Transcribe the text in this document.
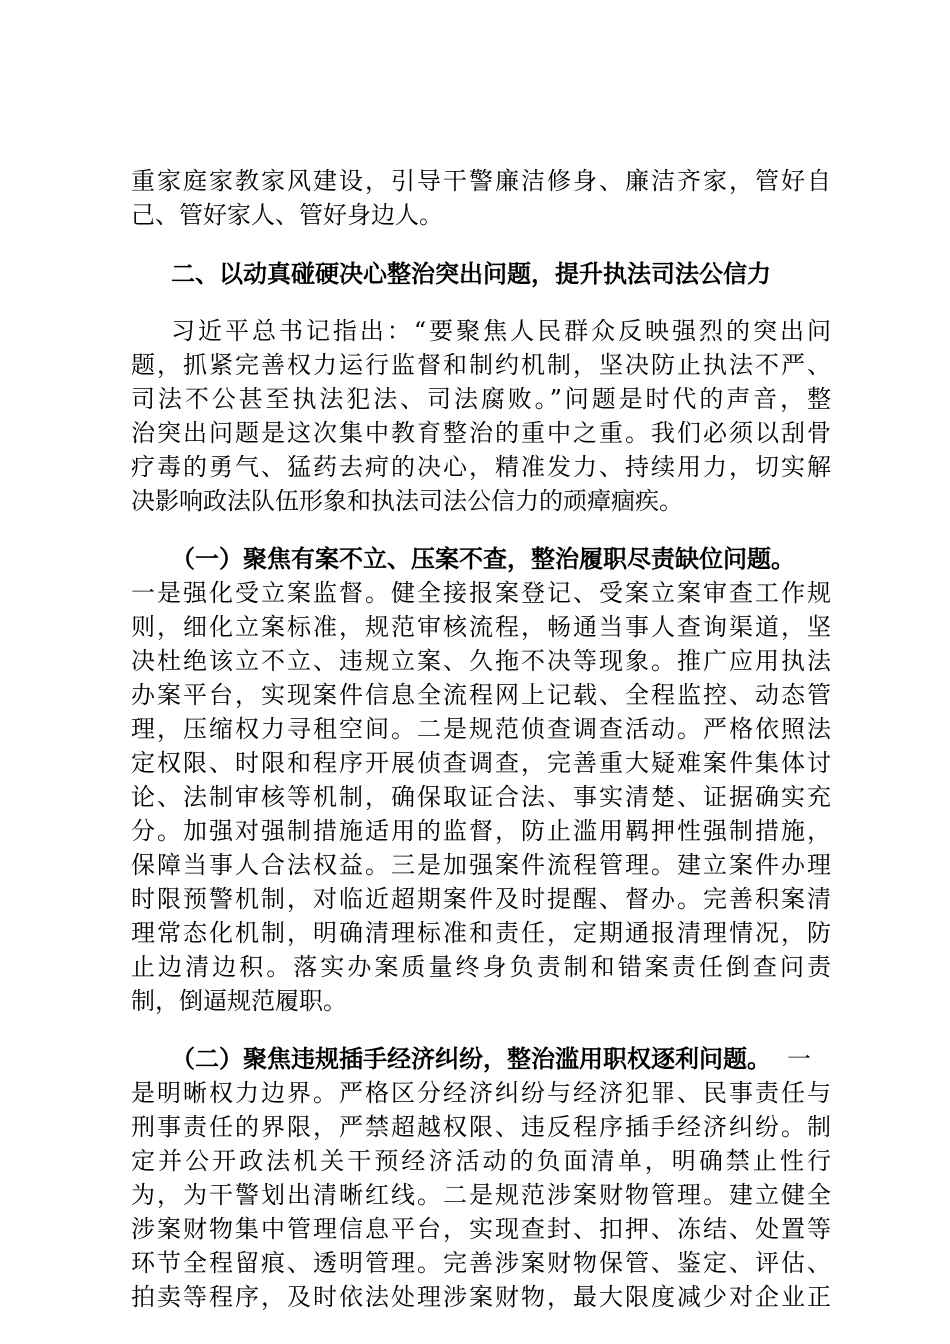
重家庭家教家风建设，引导干警廉洁修身、廉洁齐家，管好自
己、管好家人、管好身边人。
二、以动真碰硬决心整治突出问题，提升执法司法公信力
习近平总书记指出：“要聚焦人民群众反映强烈的突出问
题，抓紧完善权力运行监督和制约机制，坚决防止执法不严、
司法不公甚至执法犯法、司法腐败。”问题是时代的声音，整
治突出问题是这次集中教育整治的重中之重。我们必须以刮骨
疗毒的勇气、猛药去疴的决心，精准发力、持续用力，切实解
决影响政法队伍形象和执法司法公信力的顽瘴痼疾。
（一）聚焦有案不立、压案不查，整治履职尽责缺位问题。
一是强化受立案监督。健全接报案登记、受案立案审查工作规
则，细化立案标准，规范审核流程，畅通当事人查询渠道，坚
决杜绝该立不立、违规立案、久拖不决等现象。推广应用执法
办案平台，实现案件信息全流程网上记载、全程监控、动态管
理，压缩权力寻租空间。二是规范侦查调查活动。严格依照法
定权限、时限和程序开展侦查调查，完善重大疑难案件集体讨
论、法制审核等机制，确保取证合法、事实清楚、证据确实充
分。加强对强制措施适用的监督，防止滥用羁押性强制措施，
保障当事人合法权益。三是加强案件流程管理。建立案件办理
时限预警机制，对临近超期案件及时提醒、督办。完善积案清
理常态化机制，明确清理标准和责任，定期通报清理情况，防
止边清边积。落实办案质量终身负责制和错案责任倒查问责
制，倒逼规范履职。
（二）聚焦违规插手经济纠纷，整治滥用职权逐利问题。 一
是明晰权力边界。严格区分经济纠纷与经济犯罪、民事责任与
刑事责任的界限，严禁超越权限、违反程序插手经济纠纷。制
定并公开政法机关干预经济活动的负面清单，明确禁止性行
为，为干警划出清晰红线。二是规范涉案财物管理。建立健全
涉案财物集中管理信息平台，实现查封、扣押、冻结、处置等
环节全程留痕、透明管理。完善涉案财物保管、鉴定、评估、
拍卖等程序，及时依法处理涉案财物，最大限度减少对企业正
